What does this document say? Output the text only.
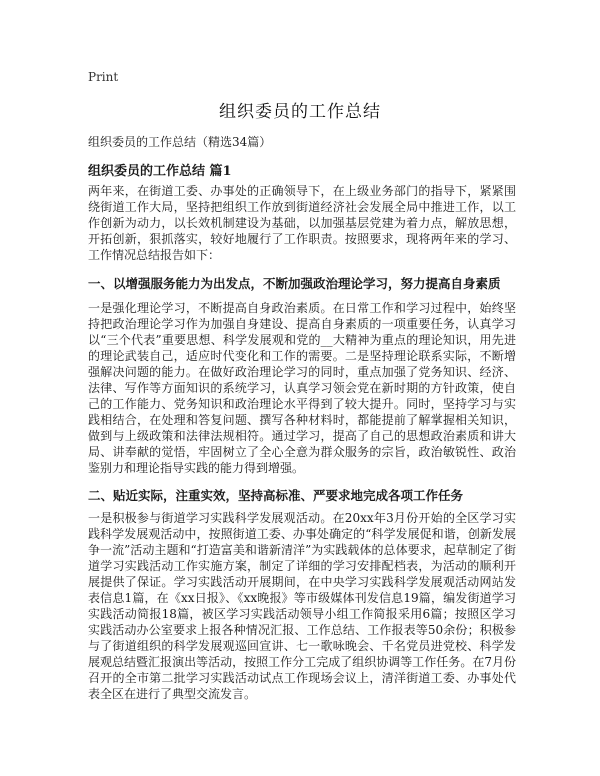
Print
组织委员的工作总结
组织委员的工作总结（精选34篇）
组织委员的工作总结 篇1
两年来，在街道工委、办事处的正确领导下，在上级业务部门的指导下，紧紧围绕街道工作大局，坚持把组织工作放到街道经济社会发展全局中推进工作，以工作创新为动力，以长效机制建设为基础，以加强基层党建为着力点，解放思想，开拓创新，狠抓落实，较好地履行了工作职责。按照要求，现将两年来的学习、工作情况总结报告如下：
一、以增强服务能力为出发点，不断加强政治理论学习，努力提高自身素质
一是强化理论学习，不断提高自身政治素质。在日常工作和学习过程中，始终坚持把政治理论学习作为加强自身建设、提高自身素质的一项重要任务，认真学习以“三个代表”重要思想、科学发展观和党的__大精神为重点的理论知识，用先进的理论武装自己，适应时代变化和工作的需要。二是坚持理论联系实际，不断增强解决问题的能力。在做好政治理论学习的同时，重点加强了党务知识、经济、法律、写作等方面知识的系统学习，认真学习领会党在新时期的方针政策，使自己的工作能力、党务知识和政治理论水平得到了较大提升。同时，坚持学习与实践相结合，在处理和答复问题、撰写各种材料时，都能提前了解掌握相关知识，做到与上级政策和法律法规相符。通过学习，提高了自己的思想政治素质和讲大局、讲奉献的觉悟，牢固树立了全心全意为群众服务的宗旨，政治敏锐性、政治鉴别力和理论指导实践的能力得到增强。
二、贴近实际，注重实效，坚持高标准、严要求地完成各项工作任务
一是积极参与街道学习实践科学发展观活动。在20xx年3月份开始的全区学习实践科学发展观活动中，按照街道工委、办事处确定的“科学发展促和谐，创新发展争一流”活动主题和“打造富美和谐新清洋”为实践载体的总体要求，起草制定了街道学习实践活动工作实施方案，制定了详细的学习安排配档表，为活动的顺利开展提供了保证。学习实践活动开展期间，在中央学习实践科学发展观活动网站发表信息1篇，在《xx日报》、《xx晚报》等市级媒体刊发信息19篇，编发街道学习实践活动简报18篇，被区学习实践活动领导小组工作简报采用6篇；按照区学习实践活动办公室要求上报各种情况汇报、工作总结、工作报表等50余份；积极参与了街道组织的科学发展观巡回宣讲、七一歌咏晚会、千名党员进党校、科学发展观总结暨汇报演出等活动，按照工作分工完成了组织协调等工作任务。在7月份召开的全市第二批学习实践活动试点工作现场会议上，清洋街道工委、办事处代表全区在进行了典型交流发言。
